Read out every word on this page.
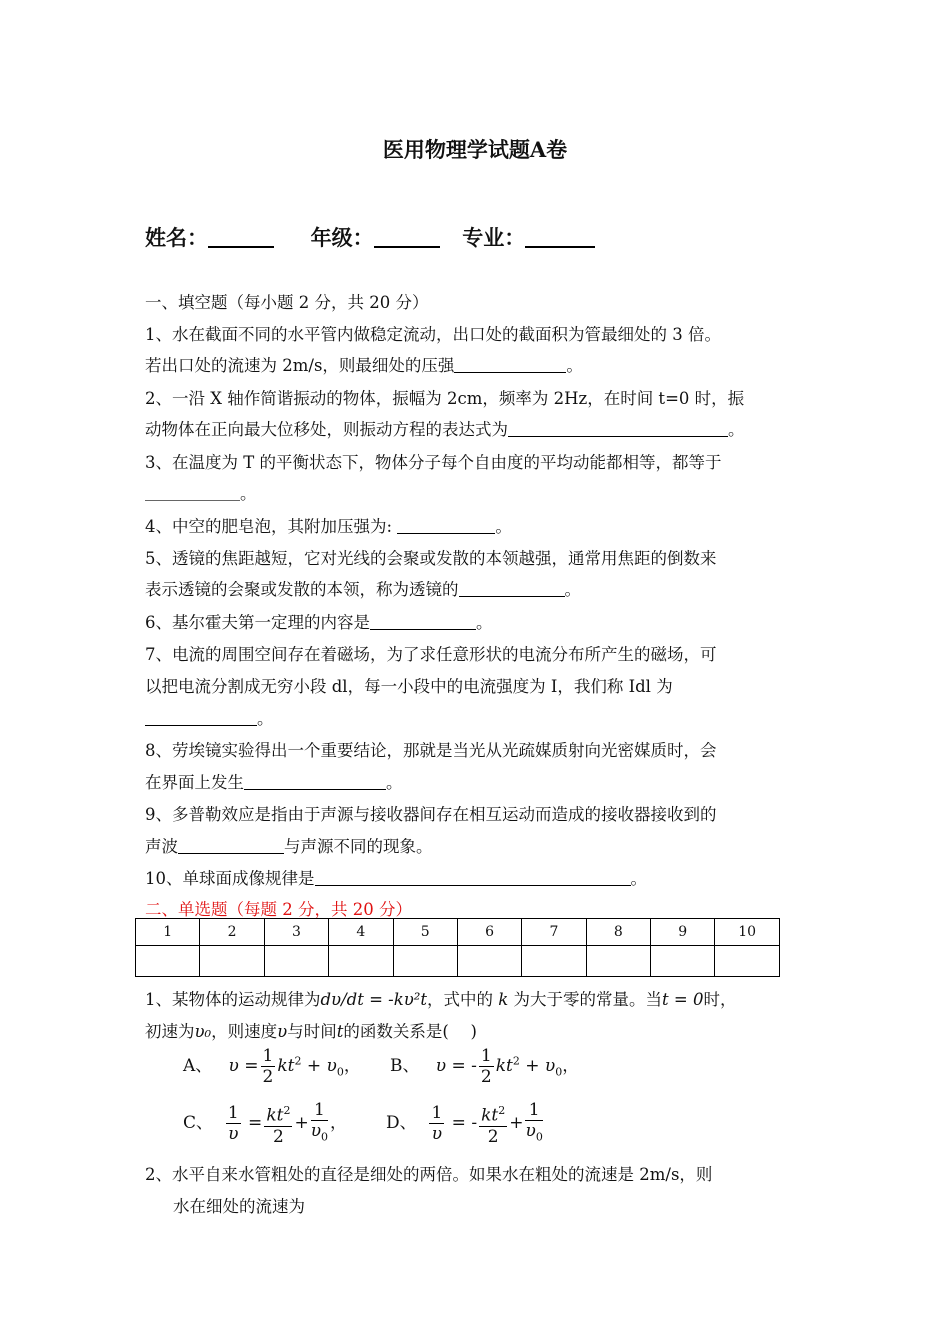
医用物理学试题A卷
姓名：	年级：	专业：
一、填空题（每小题 2 分，共 20 分）
1、水在截面不同的水平管内做稳定流动，出口处的截面积为管最细处的 3 倍。
若出口处的流速为 2m/s，则最细处的压强	。
2、一沿 X 轴作简谐振动的物体，振幅为 2cm，频率为 2Hz，在时间 t=0 时，振
动物体在正向最大位移处，则振动方程的表达式为	。
3、在温度为 T 的平衡状态下，物体分子每个自由度的平均动能都相等，都等于
。
4、中空的肥皂泡，其附加压强为:	。
5、透镜的焦距越短，它对光线的会聚或发散的本领越强，通常用焦距的倒数来
表示透镜的会聚或发散的本领，称为透镜的	。
6、基尔霍夫第一定理的内容是	。
7、电流的周围空间存在着磁场，为了求任意形状的电流分布所产生的磁场，可
以把电流分割成无穷小段 dl，每一小段中的电流强度为 I，我们称 Idl 为
。
8、劳埃镜实验得出一个重要结论，那就是当光从光疏媒质射向光密媒质时，会
在界面上发生	。
9、多普勒效应是指由于声源与接收器间存在相互运动而造成的接收器接收到的
声波	与声源不同的现象。
10、单球面成像规律是	。
二、单选题（每题 2 分，共 20 分）
1	2	3	4	5	6	7	8	9	10

1、某物体的运动规律为dυ/dt = -kυ²t，式中的 k 为大于零的常量。当t = 0时，
初速为υ₀，则速度υ与时间t的函数关系是(　 )
A、 $\upsilon = \frac{1}{2} kt^2 + \upsilon_0$， B、 υ = - $\frac{1}{2} kt^2 + \upsilon_0$，
C、 $\frac{1}{\upsilon} = \frac{kt^2}{2} + \frac{1}{\upsilon_0}$ ， D、 $\frac{1}{\upsilon}$ = - $\frac{kt^2}{2} + \frac{1}{\upsilon_0}$
2、水平自来水管粗处的直径是细处的两倍。如果水在粗处的流速是 2m/s，则
水在细处的流速为
